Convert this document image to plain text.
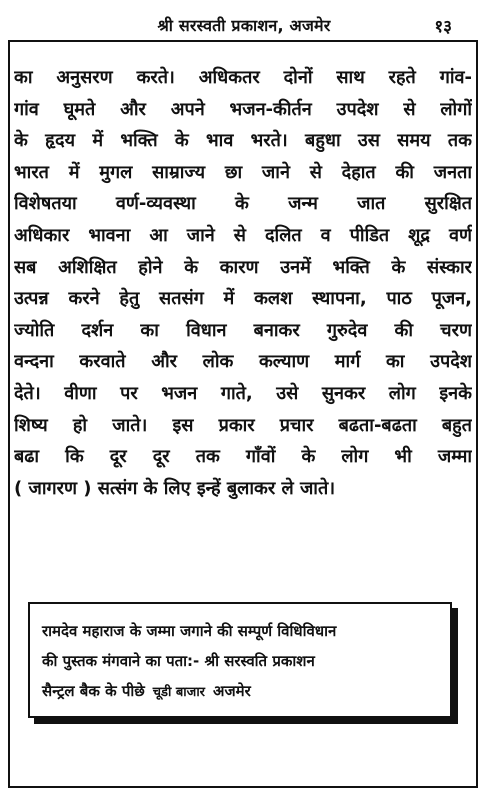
श्री सरस्वती प्रकाशन, अजमेर	१३
का अनुसरण करते। अधिकतर दोनों साथ रहते गांव-
गांव घूमते और अपने भजन-कीर्तन उपदेश से लोगों
के हृदय में भक्ति के भाव भरते। बहुधा उस समय तक
भारत में मुगल साम्राज्य छा जाने से देहात की जनता
विशेषतया वर्ण-व्यवस्था के जन्म जात सुरक्षित
अधिकार भावना आ जाने से दलित व पीडित शूद्र वर्ण
सब अशिक्षित होने के कारण उनमें भक्ति के संस्कार
उत्पन्न करने हेतु सतसंग में कलश स्थापना, पाठ पूजन,
ज्योति दर्शन का विधान बनाकर गुरुदेव की चरण
वन्दना करवाते और लोक कल्याण मार्ग का उपदेश
देते। वीणा पर भजन गाते, उसे सुनकर लोग इनके
शिष्य हो जाते। इस प्रकार प्रचार बढता-बढता बहुत
बढा कि दूर दूर तक गाँवों के लोग भी जम्मा
( जागरण ) सत्संग के लिए इन्हें बुलाकर ले जाते।
रामदेव महाराज के जम्मा जगाने की सम्पूर्ण विधिविधान
की पुस्तक मंगवाने का पता:- श्री सरस्वति प्रकाशन
सैन्ट्रल बैक के पीछे चूडी बाजार अजमेर
